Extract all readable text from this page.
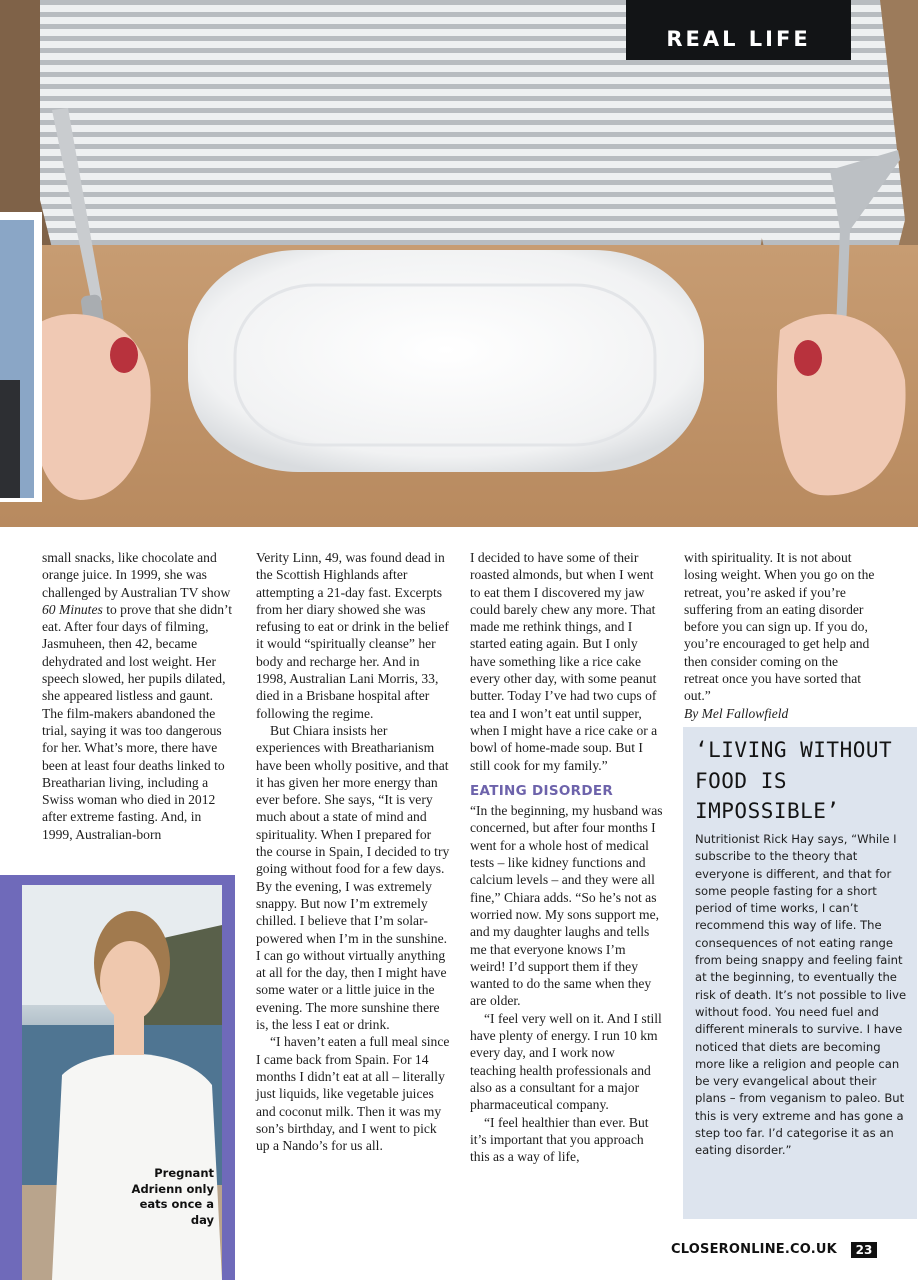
REAL LIFE

small snacks, like chocolate and orange juice. In 1999, she was challenged by Australian TV show 60 Minutes to prove that she didn’t eat. After four days of filming, Jasmuheen, then 42, became dehydrated and lost weight. Her speech slowed, her pupils dilated, she appeared listless and gaunt. The film-makers abandoned the trial, saying it was too dangerous for her. What’s more, there have been at least four deaths linked to Breatharian living, including a Swiss woman who died in 2012 after extreme fasting. And, in 1999, Australian-born

Pregnant Adrienn only eats once a day

Verity Linn, 49, was found dead in the Scottish Highlands after attempting a 21-day fast. Excerpts from her diary showed she was refusing to eat or drink in the belief it would “spiritually cleanse” her body and recharge her. And in 1998, Australian Lani Morris, 33, died in a Brisbane hospital after following the regime.

But Chiara insists her experiences with Breatharianism have been wholly positive, and that it has given her more energy than ever before. She says, “It is very much about a state of mind and spirituality. When I prepared for the course in Spain, I decided to try going without food for a few days. By the evening, I was extremely snappy. But now I’m extremely chilled. I believe that I’m solar-powered when I’m in the sunshine. I can go without virtually anything at all for the day, then I might have some water or a little juice in the evening. The more sunshine there is, the less I eat or drink.

“I haven’t eaten a full meal since I came back from Spain. For 14 months I didn’t eat at all – literally just liquids, like vegetable juices and coconut milk. Then it was my son’s birthday, and I went to pick up a Nando’s for us all.

I decided to have some of their roasted almonds, but when I went to eat them I discovered my jaw could barely chew any more. That made me rethink things, and I started eating again. But I only have something like a rice cake every other day, with some peanut butter. Today I’ve had two cups of tea and I won’t eat until supper, when I might have a rice cake or a bowl of home-made soup. But I still cook for my family.”

EATING DISORDER

“In the beginning, my husband was concerned, but after four months I went for a whole host of medical tests – like kidney functions and calcium levels – and they were all fine,” Chiara adds. “So he’s not as worried now. My sons support me, and my daughter laughs and tells me that everyone knows I’m weird! I’d support them if they wanted to do the same when they are older.

“I feel very well on it. And I still have plenty of energy. I run 10 km every day, and I work now teaching health professionals and also as a consultant for a major pharmaceutical company.

“I feel healthier than ever. But it’s important that you approach this as a way of life,

with spirituality. It is not about losing weight. When you go on the retreat, you’re asked if you’re suffering from an eating disorder before you can sign up. If you do, you’re encouraged to get help and then consider coming on the retreat once you have sorted that out.”

By Mel Fallowfield

‘LIVING WITHOUT FOOD IS IMPOSSIBLE’
Nutritionist Rick Hay says, “While I subscribe to the theory that everyone is different, and that for some people fasting for a short period of time works, I can’t recommend this way of life. The consequences of not eating range from being snappy and feeling faint at the beginning, to eventually the risk of death. It’s not possible to live without food. You need fuel and different minerals to survive. I have noticed that diets are becoming more like a religion and people can be very evangelical about their plans – from veganism to paleo. But this is very extreme and has gone a step too far. I’d categorise it as an eating disorder.”
CLOSERONLINE.CO.UK	23
